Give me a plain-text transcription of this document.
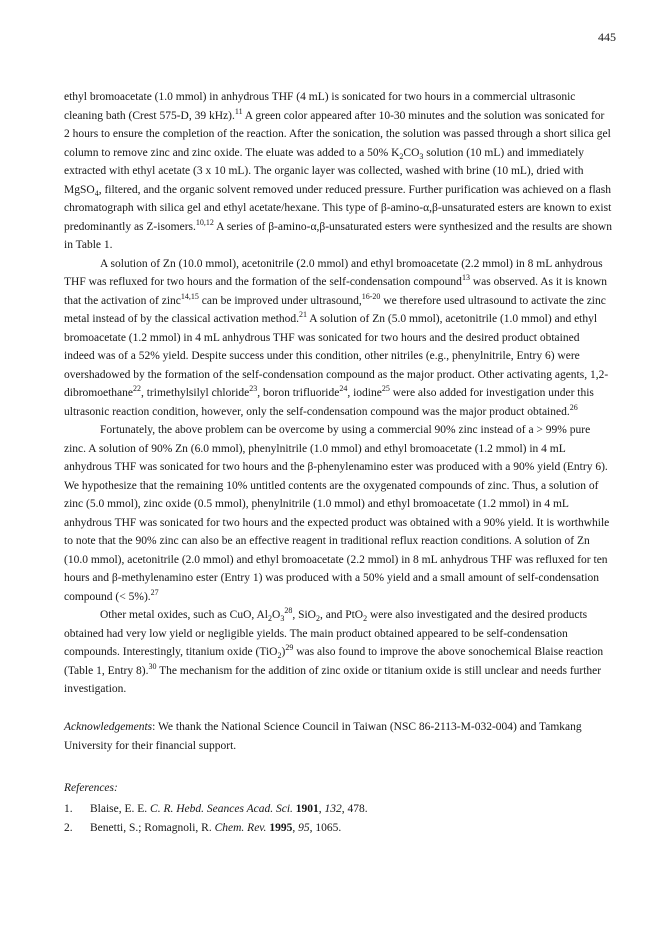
445

ethyl bromoacetate (1.0 mmol) in anhydrous THF (4 mL) is sonicated for two hours in a commercial ultrasonic cleaning bath (Crest 575-D, 39 kHz).$^{11}$ A green color appeared after 10-30 minutes and the solution was sonicated for 2 hours to ensure the completion of the reaction. After the sonication, the solution was passed through a short silica gel column to remove zinc and zinc oxide. The eluate was added to a 50% $K_2CO_3$ solution (10 mL) and immediately extracted with ethyl acetate (3 x 10 mL). The organic layer was collected, washed with brine (10 mL), dried with MgSO$_4$, filtered, and the organic solvent removed under reduced pressure. Further purification was achieved on a flash chromatograph with silica gel and ethyl acetate/hexane. This type of β-amino-α,β-unsaturated esters are known to exist predominantly as Z-isomers.$^{10,12}$ A series of β-amino-α,β-unsaturated esters were synthesized and the results are shown in Table 1.

A solution of Zn (10.0 mmol), acetonitrile (2.0 mmol) and ethyl bromoacetate (2.2 mmol) in 8 mL anhydrous THF was refluxed for two hours and the formation of the self-condensation compound$^{13}$ was observed. As it is known that the activation of zinc$^{14,15}$ can be improved under ultrasound,$^{16-20}$ we therefore used ultrasound to activate the zinc metal instead of by the classical activation method.$^{21}$ A solution of Zn (5.0 mmol), acetonitrile (1.0 mmol) and ethyl bromoacetate (1.2 mmol) in 4 mL anhydrous THF was sonicated for two hours and the desired product obtained indeed was of a 52% yield. Despite success under this condition, other nitriles (e.g., phenylnitrile, Entry 6) were overshadowed by the formation of the self-condensation compound as the major product. Other activating agents, 1,2-dibromoethane$^{22}$, trimethylsilyl chloride$^{23}$, boron trifluoride$^{24}$, iodine$^{25}$ were also added for investigation under this ultrasonic reaction condition, however, only the self-condensation compound was the major product obtained.$^{26}$

Fortunately, the above problem can be overcome by using a commercial 90% zinc instead of a > 99% pure zinc. A solution of 90% Zn (6.0 mmol), phenylnitrile (1.0 mmol) and ethyl bromoacetate (1.2 mmol) in 4 mL anhydrous THF was sonicated for two hours and the β-phenylenamino ester was produced with a 90% yield (Entry 6). We hypothesize that the remaining 10% untitled contents are the oxygenated compounds of zinc. Thus, a solution of zinc (5.0 mmol), zinc oxide (0.5 mmol), phenylnitrile (1.0 mmol) and ethyl bromoacetate (1.2 mmol) in 4 mL anhydrous THF was sonicated for two hours and the expected product was obtained with a 90% yield. It is worthwhile to note that the 90% zinc can also be an effective reagent in traditional reflux reaction conditions. A solution of Zn (10.0 mmol), acetonitrile (2.0 mmol) and ethyl bromoacetate (2.2 mmol) in 8 mL anhydrous THF was refluxed for ten hours and β-methylenamino ester (Entry 1) was produced with a 50% yield and a small amount of self-condensation compound (< 5%).$^{27}$

Other metal oxides, such as CuO, $Al_2O_3^{28}$, SiO$_2$, and PtO$_2$ were also investigated and the desired products obtained had very low yield or negligible yields. The main product obtained appeared to be self-condensation compounds. Interestingly, titanium oxide $(TiO_2)^{29}$ was also found to improve the above sonochemical Blaise reaction (Table 1, Entry 8).$^{30}$ The mechanism for the addition of zinc oxide or titanium oxide is still unclear and needs further investigation.

Acknowledgements: We thank the National Science Council in Taiwan (NSC 86-2113-M-032-004) and Tamkang University for their financial support.

References:

1.	Blaise, E. E. C. R. Hebd. Seances Acad. Sci. 1901, 132, 478.
2.	Benetti, S.; Romagnoli, R. Chem. Rev. 1995, 95, 1065.
